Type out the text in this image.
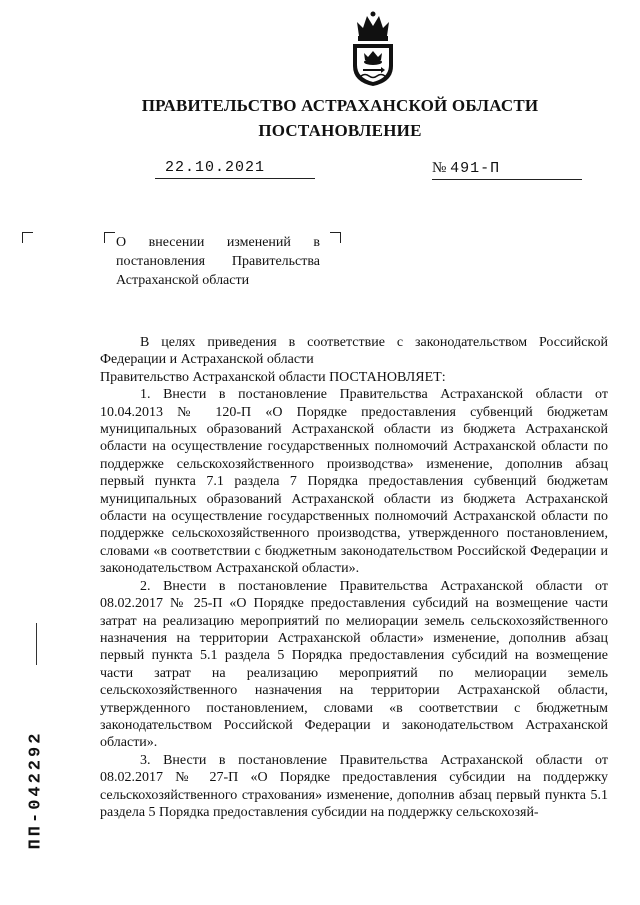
ПРАВИТЕЛЬСТВО АСТРАХАНСКОЙ ОБЛАСТИ
ПОСТАНОВЛЕНИЕ
22.10.2021	№ 491-П
О внесении изменений в постановления Правительства Астраханской области

В целях приведения в соответствие с законодательством Российской Федерации и Астраханской области

Правительство Астраханской области ПОСТАНОВЛЯЕТ:

1. Внести в постановление Правительства Астраханской области от 10.04.2013 № 120-П «О Порядке предоставления субвенций бюджетам муниципальных образований Астраханской области из бюджета Астраханской области на осуществление государственных полномочий Астраханской области по поддержке сельскохозяйственного производства» изменение, дополнив абзац первый пункта 7.1 раздела 7 Порядка предоставления субвенций бюджетам муниципальных образований Астраханской области из бюджета Астраханской области на осуществление государственных полномочий Астраханской области по поддержке сельскохозяйственного производства, утвержденного постановлением, словами «в соответствии с бюджетным законодательством Российской Федерации и законодательством Астраханской области».

2. Внести в постановление Правительства Астраханской области от 08.02.2017 № 25-П «О Порядке предоставления субсидий на возмещение части затрат на реализацию мероприятий по мелиорации земель сельскохозяйственного назначения на территории Астраханской области» изменение, дополнив абзац первый пункта 5.1 раздела 5 Порядка предоставления субсидий на возмещение части затрат на реализацию мероприятий по мелиорации земель сельскохозяйственного назначения на территории Астраханской области, утвержденного постановлением, словами «в соответствии с бюджетным законодательством Российской Федерации и законодательством Астраханской области».

3. Внести в постановление Правительства Астраханской области от 08.02.2017 № 27-П «О Порядке предоставления субсидии на поддержку сельскохозяйственного страхования» изменение, дополнив абзац первый пункта 5.1 раздела 5 Порядка предоставления субсидии на поддержку сельскохозяй-

ПП-042292
